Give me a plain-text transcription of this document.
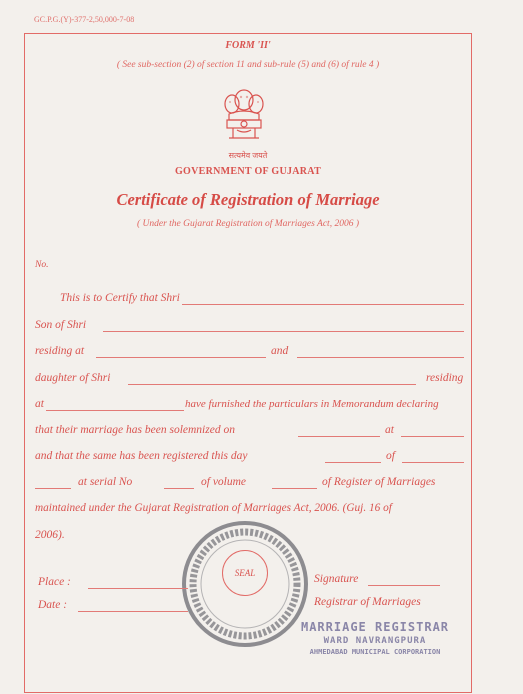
GC.P.G.(Y)-377-2,50,000-7-08
FORM 'II'
( See sub-section (2) of section 11 and sub-rule (5) and (6) of rule 4 )
सत्यमेव जयते
GOVERNMENT OF GUJARAT
Certificate of Registration of Marriage
( Under the Gujarat Registration of Marriages Act, 2006 )
No.
This is to Certify that Shri
Son of Shri
residing at	and
daughter of Shri	residing
at	have furnished the particulars in Memorandum declaring
that their marriage has been solemnized on	at
and that the same has been registered this day	of
at serial No	of volume	of Register of Marriages
maintained under the Gujarat Registration of Marriages Act, 2006. (Guj. 16 of
2006).
SEAL
Place :
Date :
Signature
Registrar of Marriages
MARRIAGE REGISTRAR
WARD NAVRANGPURA
AHMEDABAD MUNICIPAL CORPORATION
